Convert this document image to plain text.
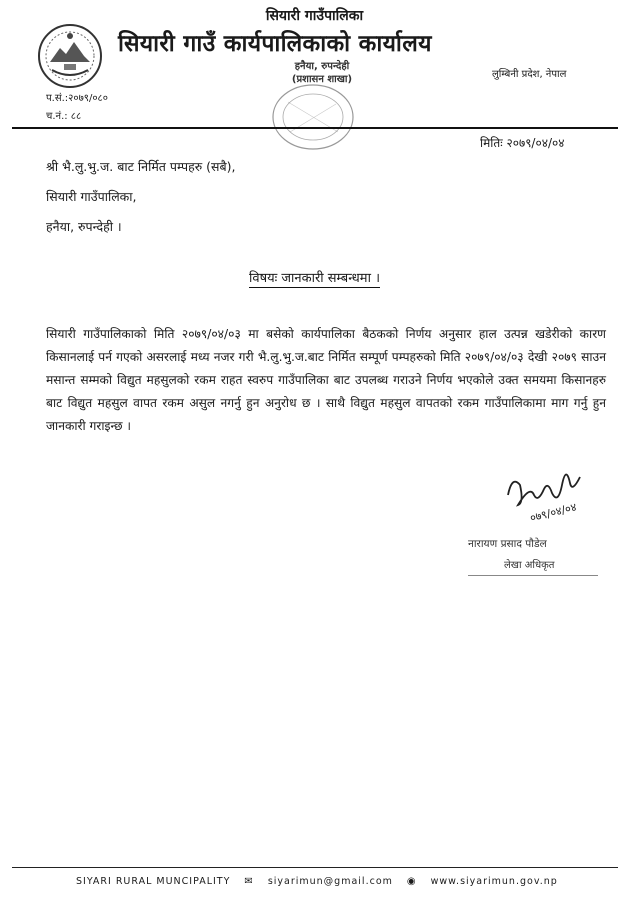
सियारी गाउँपालिका
सियारी गाउँ कार्यपालिकाको कार्यालय
हनैया, रुपन्देही
(प्रशासन शाखा)	लुम्बिनी प्रदेश, नेपाल
प.सं.:२०७९/०८०
च.नं.: ८८
मितिः २०७९/०४/०४
श्री भै.लु.भु.ज. बाट निर्मित पम्पहरु (सबै),
सियारी गाउँपालिका,
हनैया, रुपन्देही ।
विषयः जानकारी सम्बन्धमा ।
सियारी गाउँपालिकाको मिति २०७९/०४/०३ मा बसेको कार्यपालिका बैठकको निर्णय अनुसार हाल उत्पन्न खडेरीको कारण किसानलाई पर्न गएको असरलाई मध्य नजर गरी भै.लु.भु.ज.बाट निर्मित सम्पूर्ण पम्पहरुको मिति २०७९/०४/०३ देखी २०७९ साउन मसान्त सम्मको विद्युत महसुलको रकम राहत स्वरुप गाउँपालिका बाट उपलब्ध गराउने निर्णय भएकोले उक्त समयमा किसानहरु बाट विद्युत महसुल वापत रकम असुल नगर्नु हुन अनुरोध छ । साथै विद्युत महसुल वापतको रकम गाउँपालिकामा माग गर्नु हुन जानकारी गराइन्छ ।
०७९/०४/०४
नारायण प्रसाद पौडेल
लेखा अधिकृत
SIYARI RURAL MUNCIPALITY ✉ siyarimun@gmail.com ◉ www.siyarimun.gov.np
